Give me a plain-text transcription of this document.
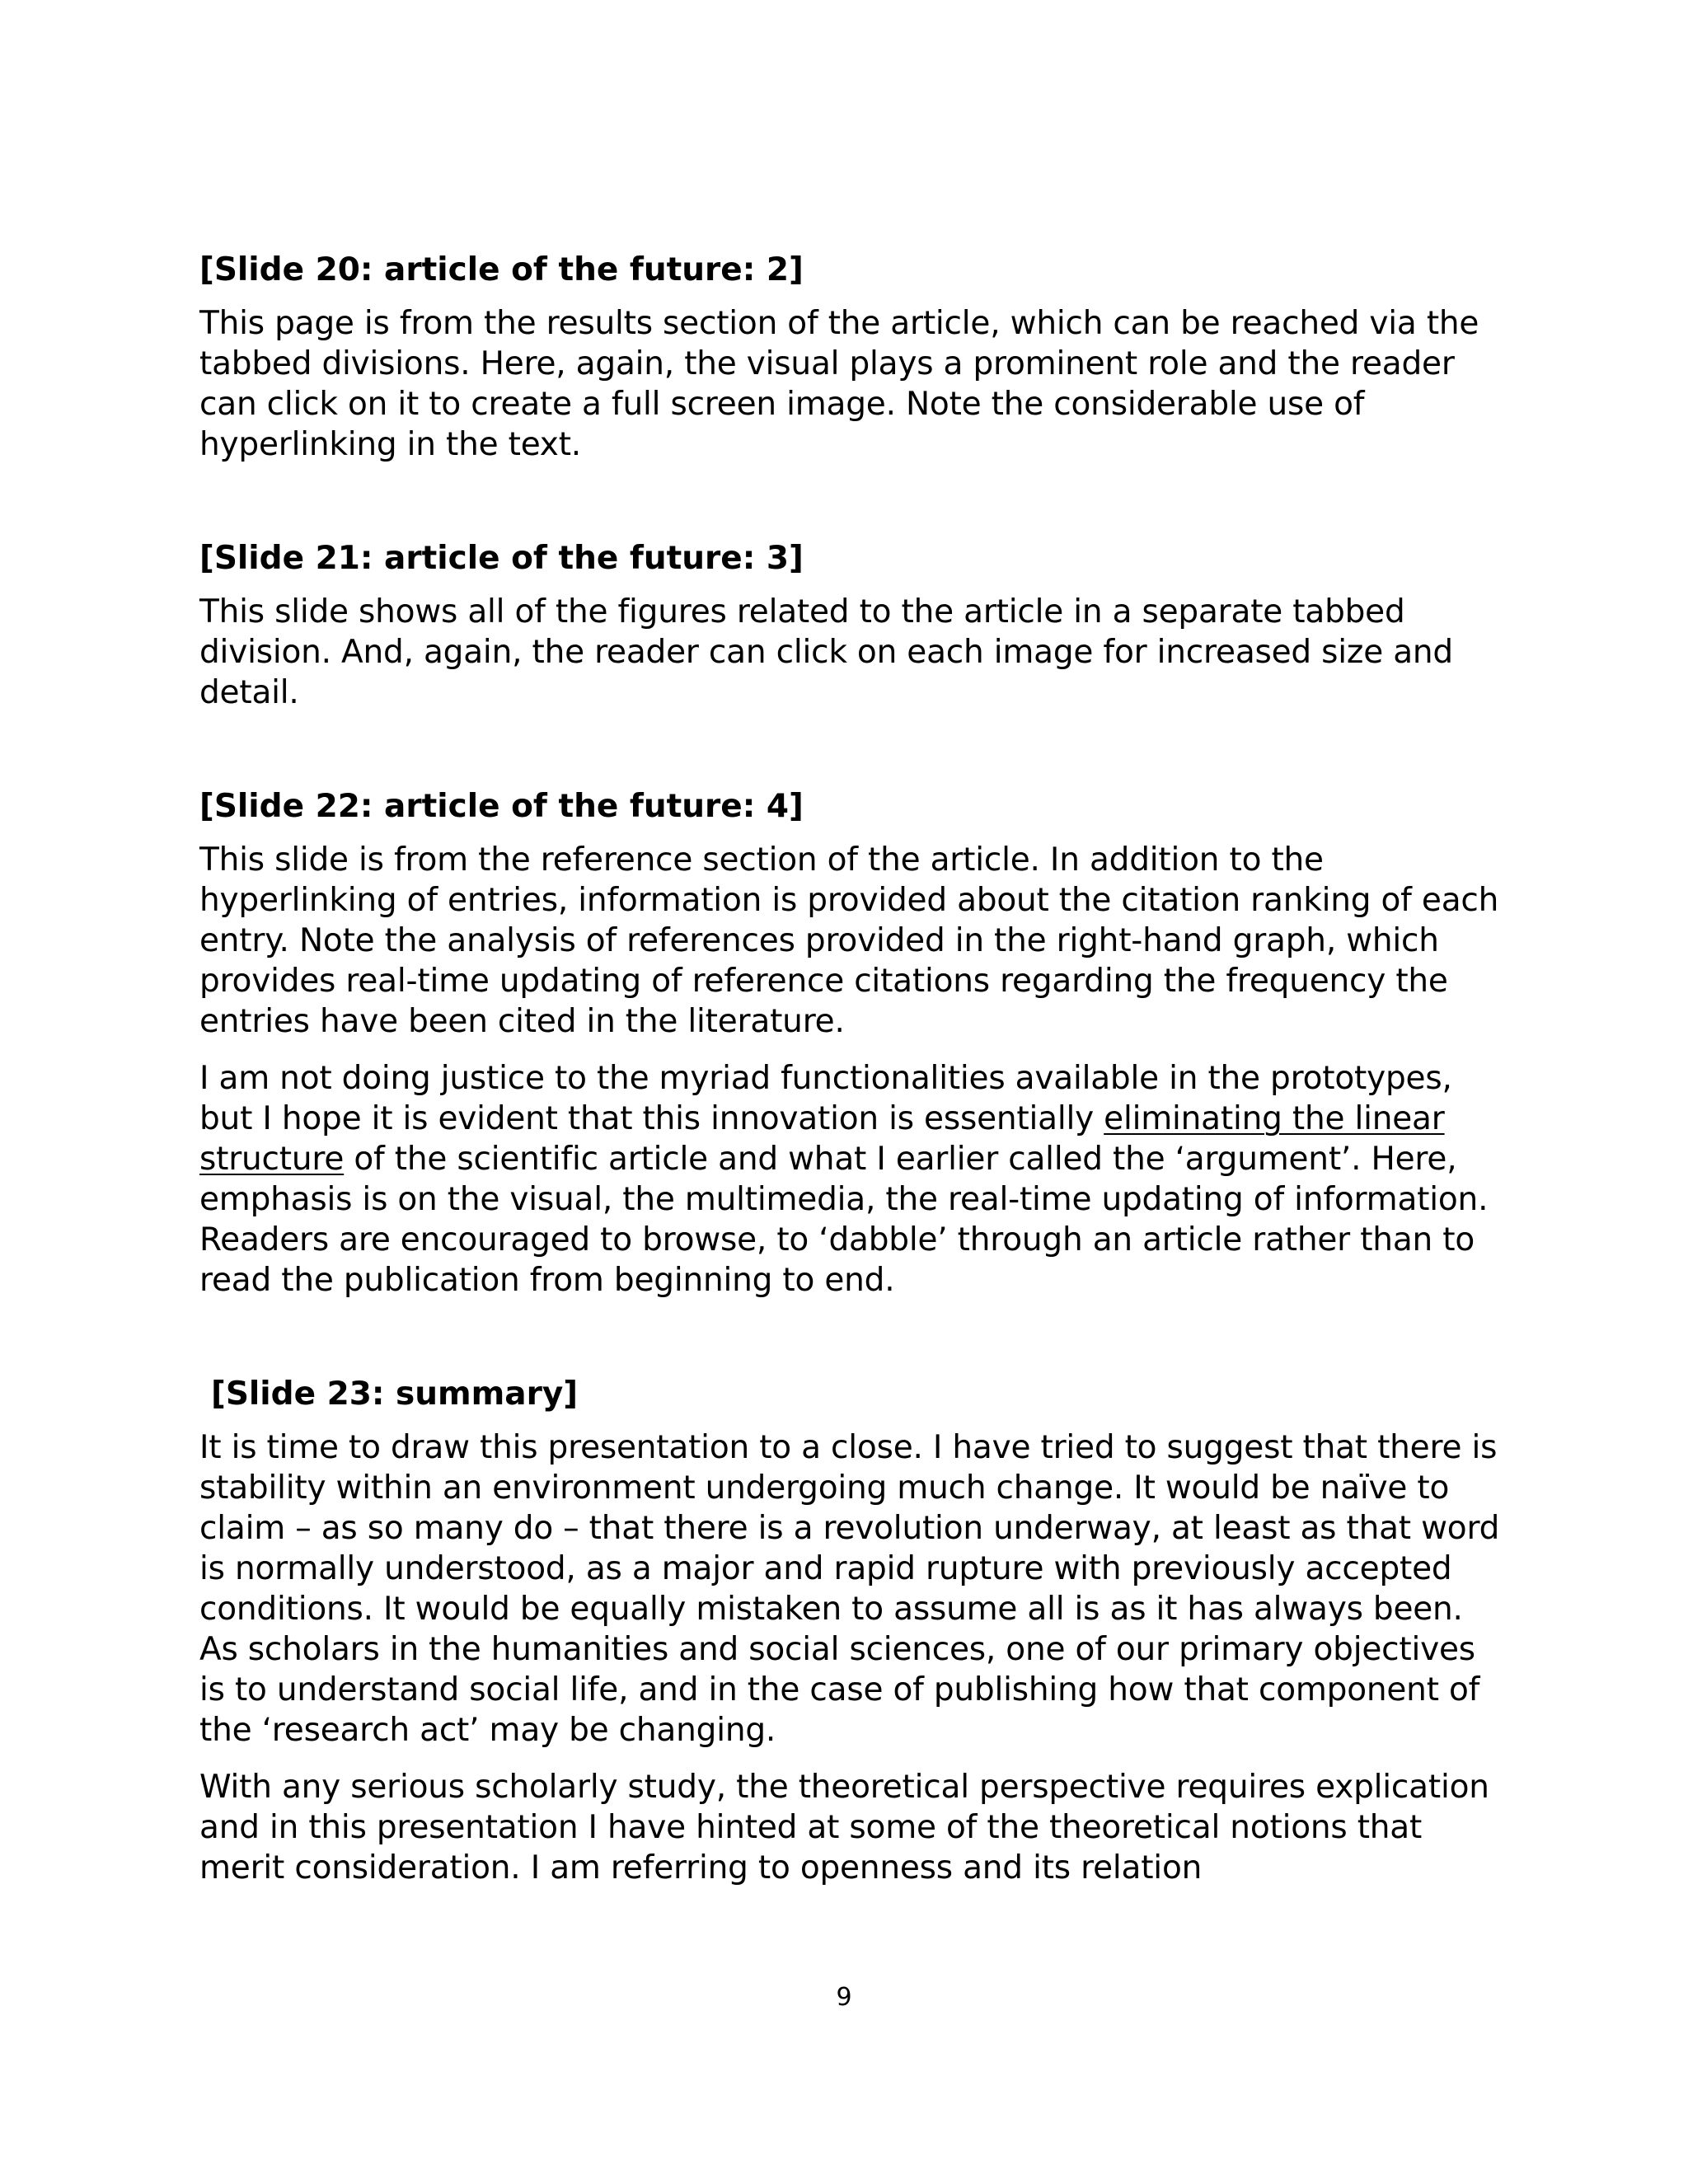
[Slide 20: article of the future: 2]

This page is from the results section of the article, which can be reached via the tabbed divisions. Here, again, the visual plays a prominent role and the reader can click on it to create a full screen image. Note the considerable use of hyperlinking in the text.

[Slide 21: article of the future: 3]

This slide shows all of the figures related to the article in a separate tabbed division. And, again, the reader can click on each image for increased size and detail.

[Slide 22: article of the future: 4]

This slide is from the reference section of the article. In addition to the hyperlinking of entries, information is provided about the citation ranking of each entry. Note the analysis of references provided in the right-hand graph, which provides real-time updating of reference citations regarding the frequency the entries have been cited in the literature.

I am not doing justice to the myriad functionalities available in the prototypes, but I hope it is evident that this innovation is essentially eliminating the linear structure of the scientific article and what I earlier called the ‘argument’. Here, emphasis is on the visual, the multimedia, the real-time updating of information. Readers are encouraged to browse, to ‘dabble’ through an article rather than to read the publication from beginning to end.

[Slide 23: summary]

It is time to draw this presentation to a close. I have tried to suggest that there is stability within an environment undergoing much change. It would be naïve to claim – as so many do – that there is a revolution underway, at least as that word is normally understood, as a major and rapid rupture with previously accepted conditions. It would be equally mistaken to assume all is as it has always been. As scholars in the humanities and social sciences, one of our primary objectives is to understand social life, and in the case of publishing how that component of the ‘research act’ may be changing.

With any serious scholarly study, the theoretical perspective requires explication and in this presentation I have hinted at some of the theoretical notions that merit consideration. I am referring to openness and its relation

9
